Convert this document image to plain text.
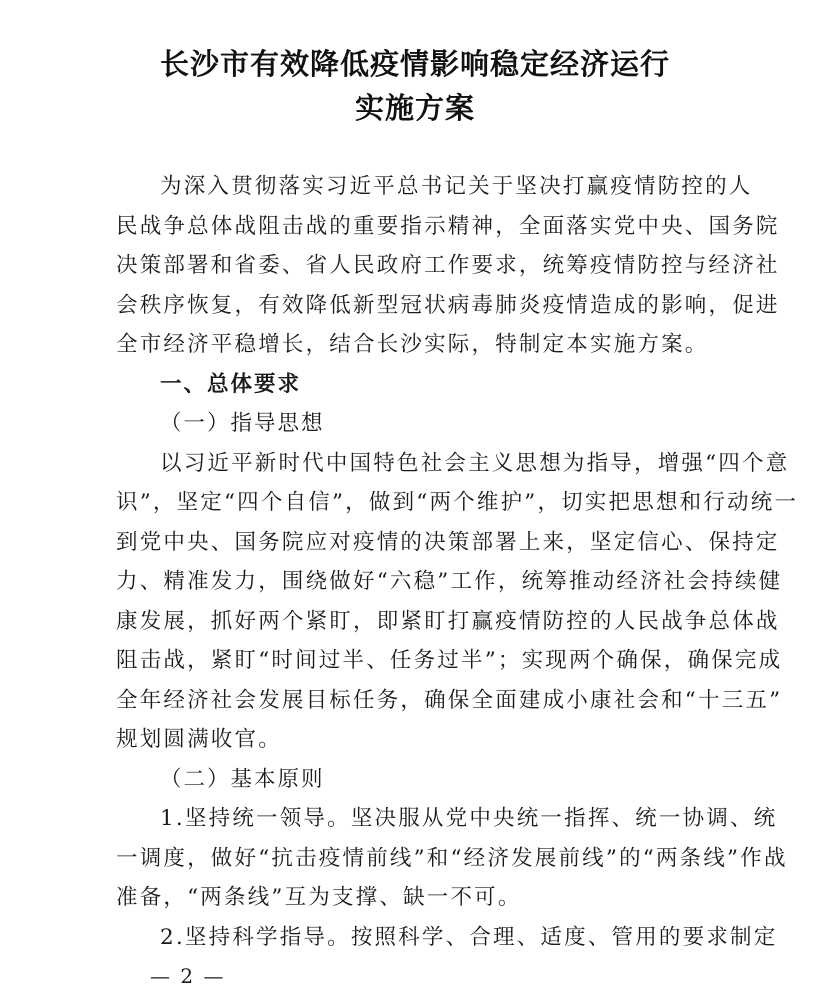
长沙市有效降低疫情影响稳定经济运行
实施方案
为深入贯彻落实习近平总书记关于坚决打赢疫情防控的人
民战争总体战阻击战的重要指示精神，全面落实党中央、国务院
决策部署和省委、省人民政府工作要求，统筹疫情防控与经济社
会秩序恢复，有效降低新型冠状病毒肺炎疫情造成的影响，促进
全市经济平稳增长，结合长沙实际，特制定本实施方案。
一、总体要求
（一）指导思想
以习近平新时代中国特色社会主义思想为指导，增强“四个意
识”，坚定“四个自信”，做到“两个维护”，切实把思想和行动统一
到党中央、国务院应对疫情的决策部署上来，坚定信心、保持定
力、精准发力，围绕做好“六稳”工作，统筹推动经济社会持续健
康发展，抓好两个紧盯，即紧盯打赢疫情防控的人民战争总体战
阻击战，紧盯“时间过半、任务过半”；实现两个确保，确保完成
全年经济社会发展目标任务，确保全面建成小康社会和“十三五”
规划圆满收官。
（二）基本原则
1.坚持统一领导。坚决服从党中央统一指挥、统一协调、统
一调度，做好“抗击疫情前线”和“经济发展前线”的“两条线”作战
准备，“两条线”互为支撑、缺一不可。
2.坚持科学指导。按照科学、合理、适度、管用的要求制定
— 2 —
